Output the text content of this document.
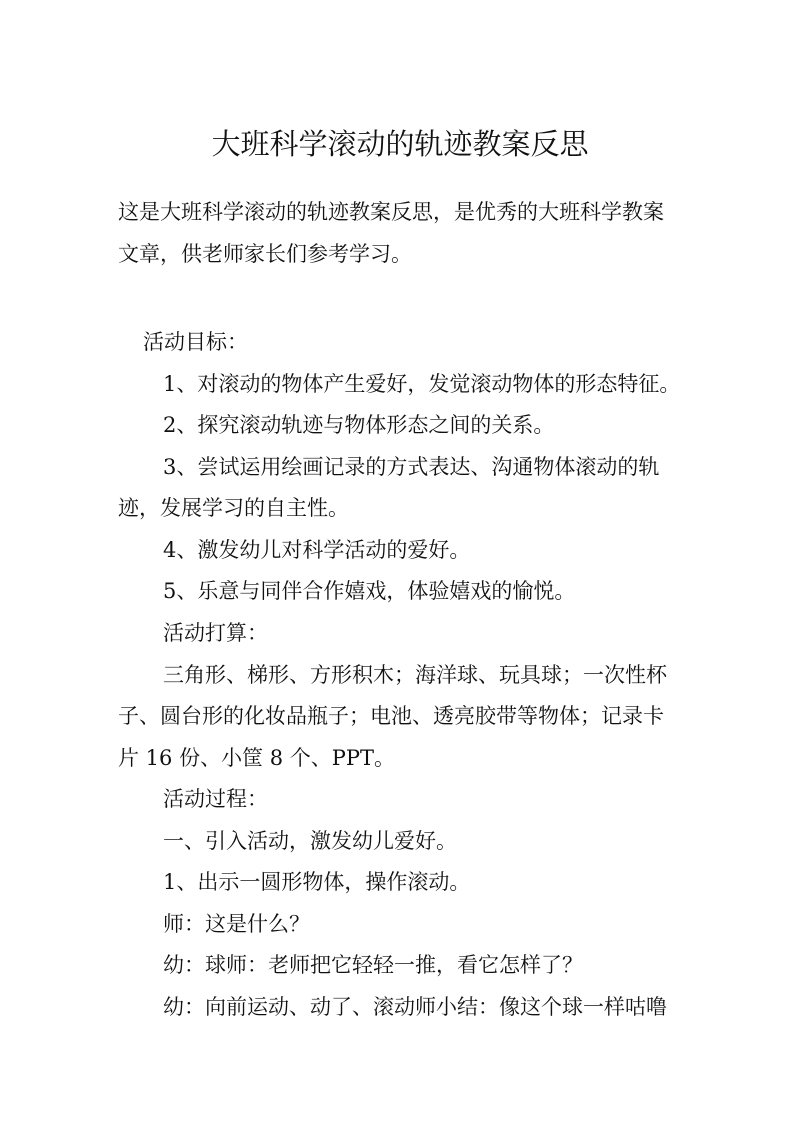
大班科学滚动的轨迹教案反思

这是大班科学滚动的轨迹教案反思，是优秀的大班科学教案

文章，供老师家长们参考学习。

活动目标：

1、对滚动的物体产生爱好，发觉滚动物体的形态特征。

2、探究滚动轨迹与物体形态之间的关系。

3、尝试运用绘画记录的方式表达、沟通物体滚动的轨

迹，发展学习的自主性。

4、激发幼儿对科学活动的爱好。

5、乐意与同伴合作嬉戏，体验嬉戏的愉悦。

活动打算：

三角形、梯形、方形积木；海洋球、玩具球；一次性杯

子、圆台形的化妆品瓶子；电池、透亮胶带等物体；记录卡

片 16 份、小筐 8 个、PPT。

活动过程：

一、引入活动，激发幼儿爱好。

1、出示一圆形物体，操作滚动。

师：这是什么？

幼：球师：老师把它轻轻一推，看它怎样了？

幼：向前运动、动了、滚动师小结：像这个球一样咕噜
